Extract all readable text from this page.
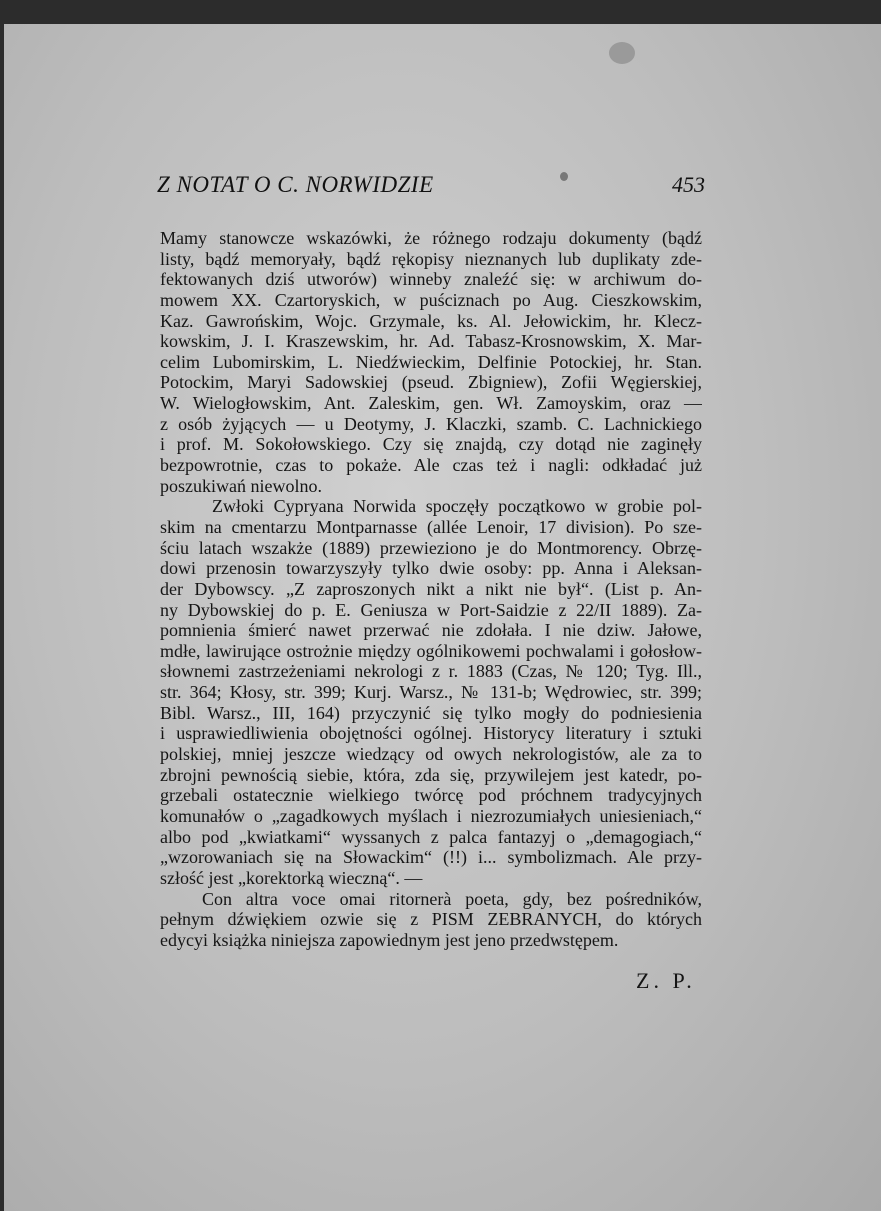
Z NOTAT O C. NORWIDZIE	453
Mamy stanowcze wskazówki, że różnego rodzaju dokumenty (bądź
listy, bądź memoryały, bądź rękopisy nieznanych lub duplikaty zde-
fektowanych dziś utworów) winneby znaleźć się: w archiwum do-
mowem XX. Czartoryskich, w puściznach po Aug. Cieszkowskim,
Kaz. Gawrońskim, Wojc. Grzymale, ks. Al. Jełowickim, hr. Klecz-
kowskim, J. I. Kraszewskim, hr. Ad. Tabasz-Krosnowskim, X. Mar-
celim Lubomirskim, L. Niedźwieckim, Delfinie Potockiej, hr. Stan.
Potockim, Maryi Sadowskiej (pseud. Zbigniew), Zofii Węgierskiej,
W. Wielogłowskim, Ant. Zaleskim, gen. Wł. Zamoyskim, oraz —
z osób żyjących — u Deotymy, J. Klaczki, szamb. C. Lachnickiego
i prof. M. Sokołowskiego. Czy się znajdą, czy dotąd nie zaginęły
bezpowrotnie, czas to pokaże. Ale czas też i nagli: odkładać już
poszukiwań niewolno.
Zwłoki Cypryana Norwida spoczęły początkowo w grobie pol-
skim na cmentarzu Montparnasse (allée Lenoir, 17 division). Po sze-
ściu latach wszakże (1889) przewieziono je do Montmorency. Obrzę-
dowi przenosin towarzyszyły tylko dwie osoby: pp. Anna i Aleksan-
der Dybowscy. „Z zaproszonych nikt a nikt nie był“. (List p. An-
ny Dybowskiej do p. E. Geniusza w Port-Saidzie z 22/II 1889). Za-
pomnienia śmierć nawet przerwać nie zdołała. I nie dziw. Jałowe,
mdłe, lawirujące ostrożnie między ogólnikowemi pochwalami i gołosłow-
słownemi zastrzeżeniami nekrologi z r. 1883 (Czas, № 120; Tyg. Ill.,
str. 364; Kłosy, str. 399; Kurj. Warsz., № 131-b; Wędrowiec, str. 399;
Bibl. Warsz., III, 164) przyczynić się tylko mogły do podniesienia
i usprawiedliwienia obojętności ogólnej. Historycy literatury i sztuki
polskiej, mniej jeszcze wiedzący od owych nekrologistów, ale za to
zbrojni pewnością siebie, która, zda się, przywilejem jest katedr, po-
grzebali ostatecznie wielkiego twórcę pod próchnem tradycyjnych
komunałów o „zagadkowych myślach i niezrozumiałych uniesieniach,“
albo pod „kwiatkami“ wyssanych z palca fantazyj o „demagogiach,“
„wzorowaniach się na Słowackim“ (!!) i... symbolizmach. Ale przy-
szłość jest „korektorką wieczną“. —
Con altra voce omai ritornerà poeta, gdy, bez pośredników,
pełnym dźwiękiem ozwie się z PISM ZEBRANYCH, do których
edycyi książka niniejsza zapowiednym jest jeno przedwstępem.
Z. P.
